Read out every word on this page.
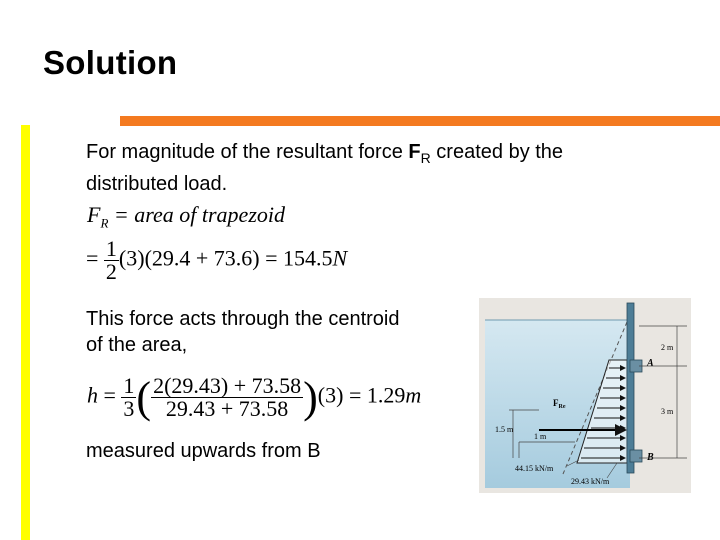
Solution
For magnitude of the resultant force $F_R$ created by the
distributed load.
$F_R$ = area of trapezoid
= $\frac{1}{2} (3)(29.4 + 73.6) = 154.5N$
This force acts through the centroid
of the area,
$h = \frac{1}{3}$ ( $\frac{2(29.43) + 73.58}{29.43 + 73.58} )(3) = 1.29m$
measured upwards from B
$F_{Re}$
A
B
2 m
3 m
1.5 m
1 m
44.15 kN/m
29.43 kN/m
